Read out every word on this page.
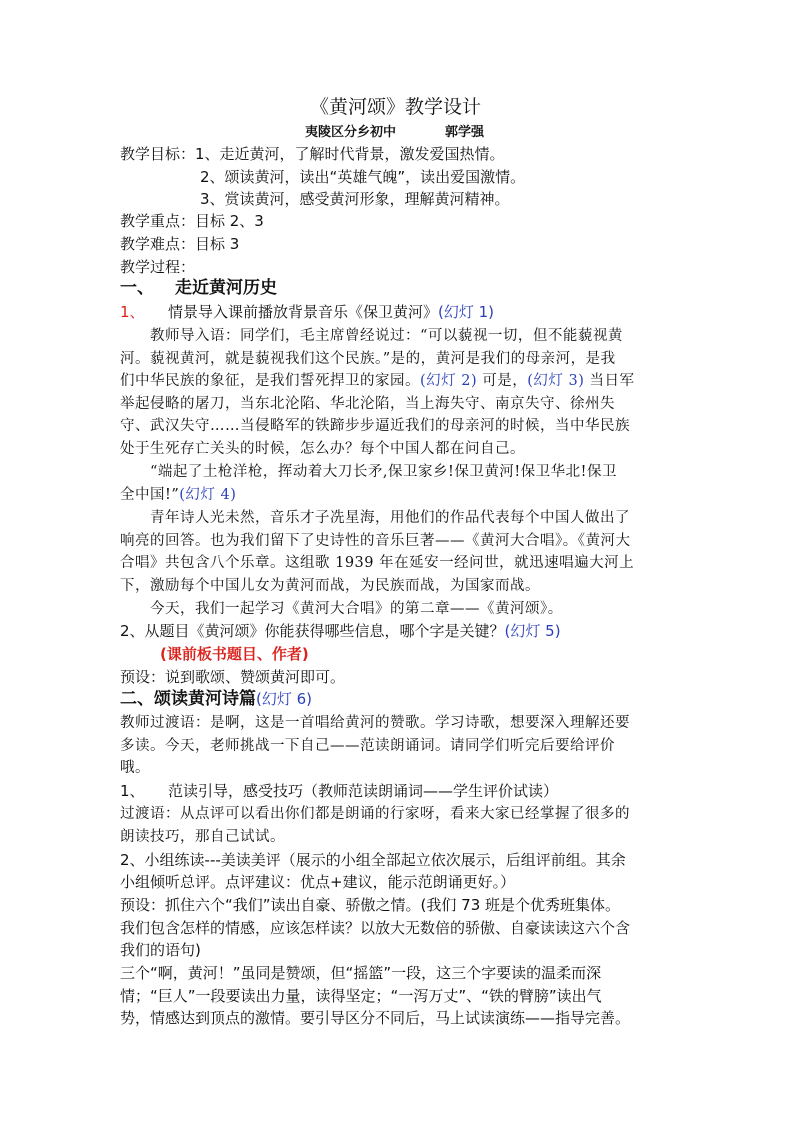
《黄河颂》教学设计
夷陵区分乡初中	郭学强
教学目标：1、走近黄河，了解时代背景，激发爱国热情。
2、颂读黄河，读出“英雄气魄”，读出爱国激情。
3、赏读黄河，感受黄河形象，理解黄河精神。
教学重点：目标 2、3
教学难点：目标 3
教学过程：
一、 走近黄河历史
1、 情景导入课前播放背景音乐《保卫黄河》(幻灯 1)
教师导入语：同学们，毛主席曾经说过：“可以藐视一切，但不能藐视黄
河。藐视黄河，就是藐视我们这个民族。”是的，黄河是我们的母亲河，是我
们中华民族的象征，是我们誓死捍卫的家园。(幻灯 2) 可是，(幻灯 3) 当日军
举起侵略的屠刀，当东北沦陷、华北沦陷，当上海失守、南京失守、徐州失
守、武汉失守……当侵略军的铁蹄步步逼近我们的母亲河的时候，当中华民族
处于生死存亡关头的时候，怎么办？每个中国人都在问自己。
“端起了土枪洋枪，挥动着大刀长矛,保卫家乡!保卫黄河!保卫华北!保卫
全中国!”(幻灯 4)
青年诗人光未然，音乐才子冼星海，用他们的作品代表每个中国人做出了
响亮的回答。也为我们留下了史诗性的音乐巨著——《黄河大合唱》。《黄河大
合唱》共包含八个乐章。这组歌 1939 年在延安一经问世，就迅速唱遍大河上
下，激励每个中国儿女为黄河而战，为民族而战，为国家而战。
今天，我们一起学习《黄河大合唱》的第二章——《黄河颂》。
2、从题目《黄河颂》你能获得哪些信息，哪个字是关键？(幻灯 5)
(课前板书题目、作者)
预设：说到歌颂、赞颂黄河即可。
二、颂读黄河诗篇(幻灯 6)
教师过渡语：是啊，这是一首唱给黄河的赞歌。学习诗歌，想要深入理解还要
多读。今天，老师挑战一下自己——范读朗诵词。请同学们听完后要给评价
哦。
1、 范读引导，感受技巧（教师范读朗诵词——学生评价试读）
过渡语：从点评可以看出你们都是朗诵的行家呀，看来大家已经掌握了很多的
朗读技巧，那自己试试。
2、小组练读---美读美评（展示的小组全部起立依次展示，后组评前组。其余
小组倾听总评。点评建议：优点+建议，能示范朗诵更好。）
预设：抓住六个“我们”读出自豪、骄傲之情。(我们 73 班是个优秀班集体。
我们包含怎样的情感，应该怎样读？以放大无数倍的骄傲、自豪读读这六个含
我们的语句)
三个“啊，黄河！”虽同是赞颂，但“摇篮”一段，这三个字要读的温柔而深
情；“巨人”一段要读出力量，读得坚定；“一泻万丈”、“铁的臂膀”读出气
势，情感达到顶点的激情。要引导区分不同后，马上试读演练——指导完善。
